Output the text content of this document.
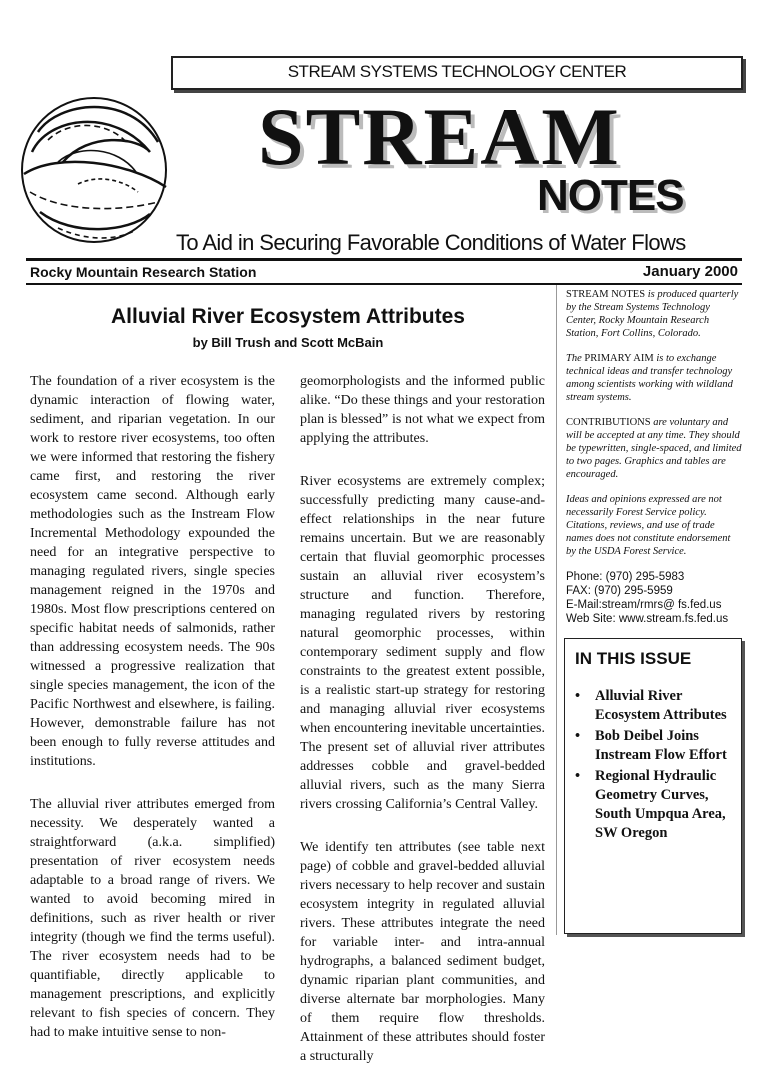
STREAM SYSTEMS TECHNOLOGY CENTER
STREAM
NOTES
To Aid in Securing Favorable Conditions of Water Flows
Rocky Mountain Research Station	January 2000
Alluvial River Ecosystem Attributes
by Bill Trush and Scott McBain

The foundation of a river ecosystem is the dynamic interaction of flowing water, sediment, and riparian vegetation. In our work to restore river ecosystems, too often we were informed that restoring the fishery came first, and restoring the river ecosystem came second. Although early methodologies such as the Instream Flow Incremental Methodology expounded the need for an integrative perspective to managing regulated rivers, single species management reigned in the 1970s and 1980s. Most flow prescriptions centered on specific habitat needs of salmonids, rather than addressing ecosystem needs. The 90s witnessed a progressive realization that single species management, the icon of the Pacific Northwest and elsewhere, is failing. However, demonstrable failure has not been enough to fully reverse attitudes and institutions.

The alluvial river attributes emerged from necessity. We desperately wanted a straightforward (a.k.a. simplified) presentation of river ecosystem needs adaptable to a broad range of rivers. We wanted to avoid becoming mired in definitions, such as river health or river integrity (though we find the terms useful). The river ecosystem needs had to be quantifiable, directly applicable to management prescriptions, and explicitly relevant to fish species of concern. They had to make intuitive sense to non-

geomorphologists and the informed public alike. “Do these things and your restoration plan is blessed” is not what we expect from applying the attributes.

River ecosystems are extremely complex; successfully predicting many cause-and-effect relationships in the near future remains uncertain. But we are reasonably certain that fluvial geomorphic processes sustain an alluvial river ecosystem’s structure and function. Therefore, managing regulated rivers by restoring natural geomorphic processes, within contemporary sediment supply and flow constraints to the greatest extent possible, is a realistic start-up strategy for restoring and managing alluvial river ecosystems when encountering inevitable uncertainties. The present set of alluvial river attributes addresses cobble and gravel-bedded alluvial rivers, such as the many Sierra rivers crossing California’s Central Valley.

We identify ten attributes (see table next page) of cobble and gravel-bedded alluvial rivers necessary to help recover and sustain ecosystem integrity in regulated alluvial rivers. These attributes integrate the need for variable inter- and intra-annual hydrographs, a balanced sediment budget, dynamic riparian plant communities, and diverse alternate bar morphologies. Many of them require flow thresholds. Attainment of these attributes should foster a structurally

STREAM NOTES is produced quarterly by the Stream Systems Technology Center, Rocky Mountain Research Station, Fort Collins, Colorado.

The PRIMARY AIM is to exchange technical ideas and transfer technology among scientists working with wildland stream systems.

CONTRIBUTIONS are voluntary and will be accepted at any time. They should be typewritten, single-spaced, and limited to two pages. Graphics and tables are encouraged.

Ideas and opinions expressed are not necessarily Forest Service policy. Citations, reviews, and use of trade names does not constitute endorsement by the USDA Forest Service.

Phone: (970) 295-5983
FAX: (970) 295-5959
E-Mail:stream/rmrs@ fs.fed.us
Web Site: www.stream.fs.fed.us
IN THIS ISSUE
• Alluvial River Ecosystem Attributes
• Bob Deibel Joins Instream Flow Effort
• Regional Hydraulic Geometry Curves, South Umpqua Area, SW Oregon
